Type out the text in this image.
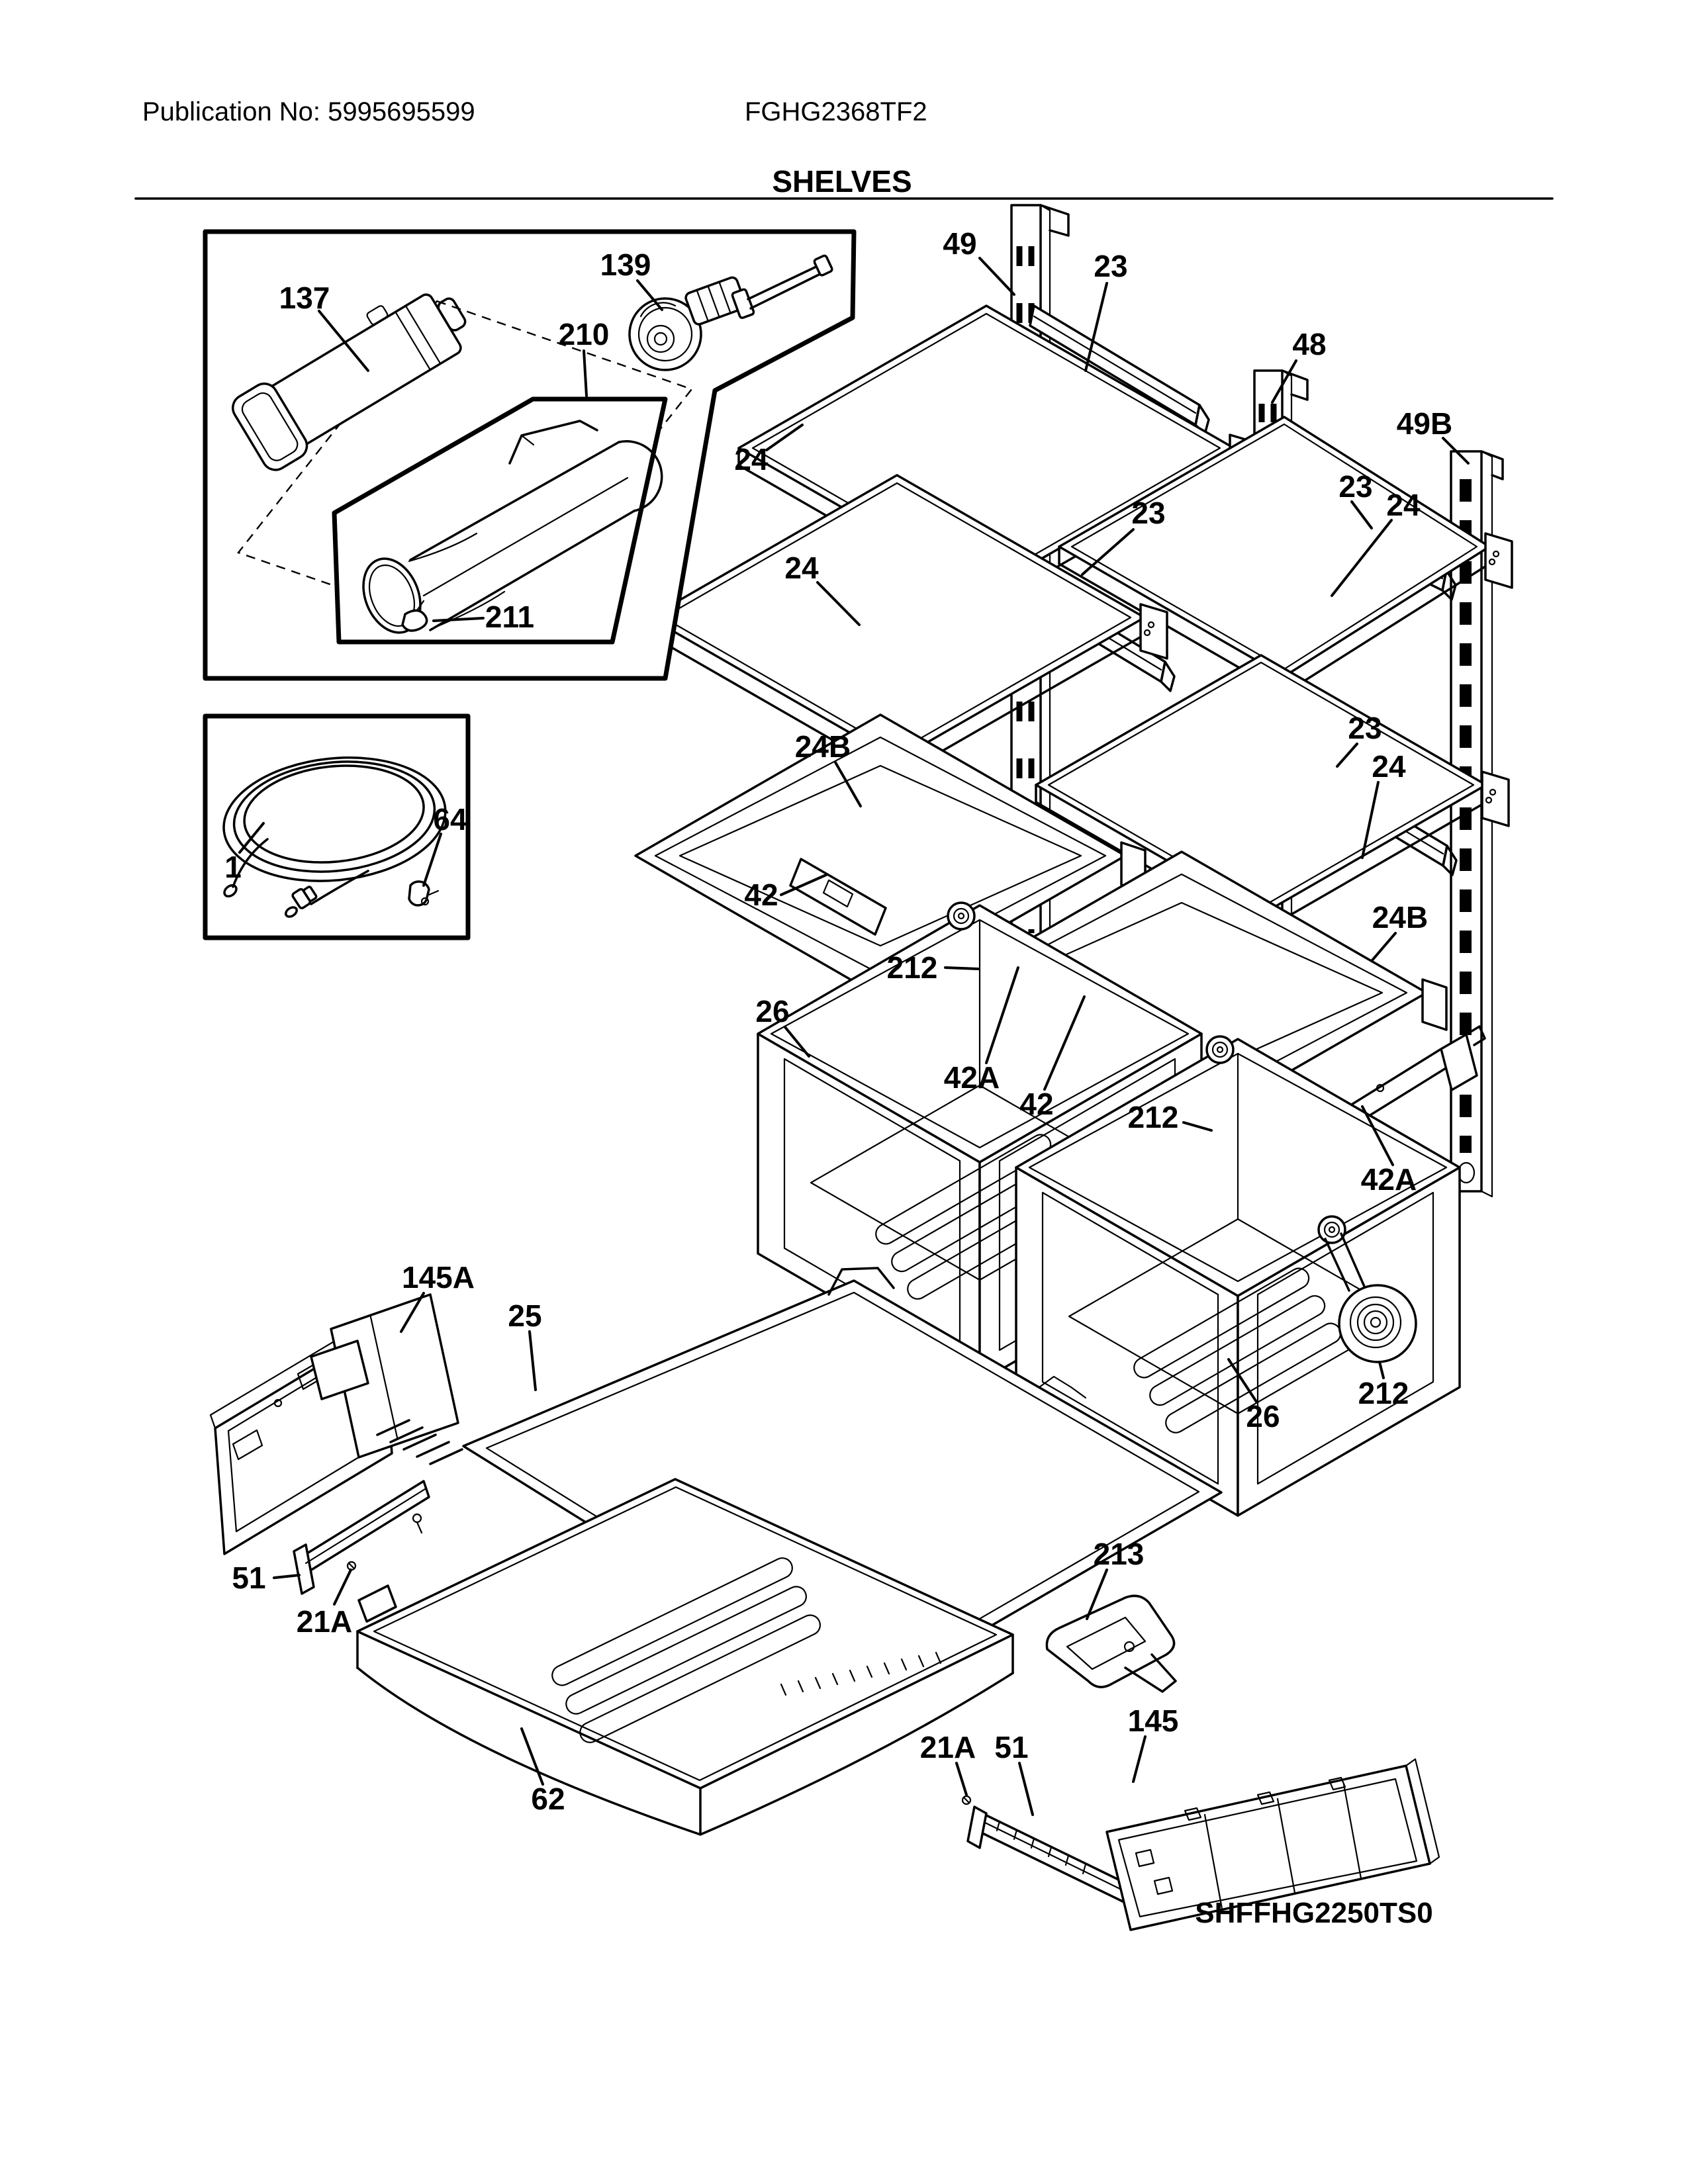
Publication No: 5995695599	FGHG2368TF2
SHELVES
137
139
210
211
1
64
49
23
48
49B
24
23
23
24
24
23
24
24B
42
212
26
42A
42 212
24B
42A
145A
25
51
21A
213
62
21A 51
145
212
26
SHFFHG2250TS0
